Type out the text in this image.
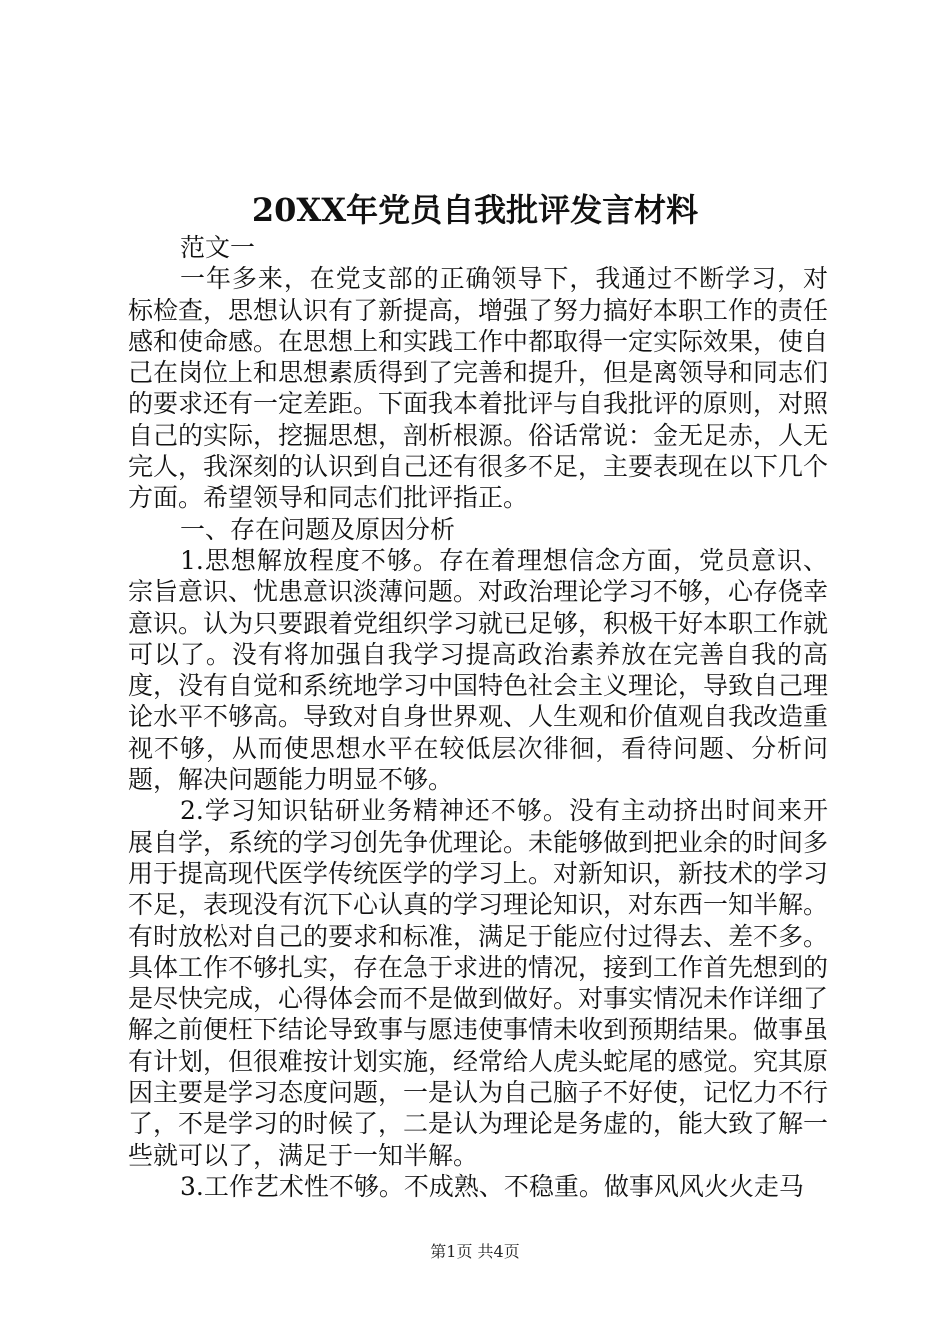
20XX年党员自我批评发言材料

范文一

一年多来，在党支部的正确领导下，我通过不断学习，对标检查，思想认识有了新提高，增强了努力搞好本职工作的责任感和使命感。在思想上和实践工作中都取得一定实际效果，使自己在岗位上和思想素质得到了完善和提升，但是离领导和同志们的要求还有一定差距。下面我本着批评与自我批评的原则，对照自己的实际，挖掘思想，剖析根源。俗话常说：金无足赤，人无完人，我深刻的认识到自己还有很多不足，主要表现在以下几个方面。希望领导和同志们批评指正。

一、存在问题及原因分析

1.思想解放程度不够。存在着理想信念方面，党员意识、宗旨意识、忧患意识淡薄问题。对政治理论学习不够，心存侥幸意识。认为只要跟着党组织学习就已足够，积极干好本职工作就可以了。没有将加强自我学习提高政治素养放在完善自我的高度，没有自觉和系统地学习中国特色社会主义理论，导致自己理论水平不够高。导致对自身世界观、人生观和价值观自我改造重视不够，从而使思想水平在较低层次徘徊，看待问题、分析问题，解决问题能力明显不够。

2.学习知识钻研业务精神还不够。没有主动挤出时间来开展自学，系统的学习创先争优理论。未能够做到把业余的时间多用于提高现代医学传统医学的学习上。对新知识，新技术的学习不足，表现没有沉下心认真的学习理论知识，对东西一知半解。有时放松对自己的要求和标准，满足于能应付过得去、差不多。具体工作不够扎实，存在急于求进的情况，接到工作首先想到的是尽快完成，心得体会而不是做到做好。对事实情况未作详细了解之前便枉下结论导致事与愿违使事情未收到预期结果。做事虽有计划，但很难按计划实施，经常给人虎头蛇尾的感觉。究其原因主要是学习态度问题，一是认为自己脑子不好使，记忆力不行了，不是学习的时候了，二是认为理论是务虚的，能大致了解一些就可以了，满足于一知半解。

3.工作艺术性不够。不成熟、不稳重。做事风风火火走马

第1页 共4页
